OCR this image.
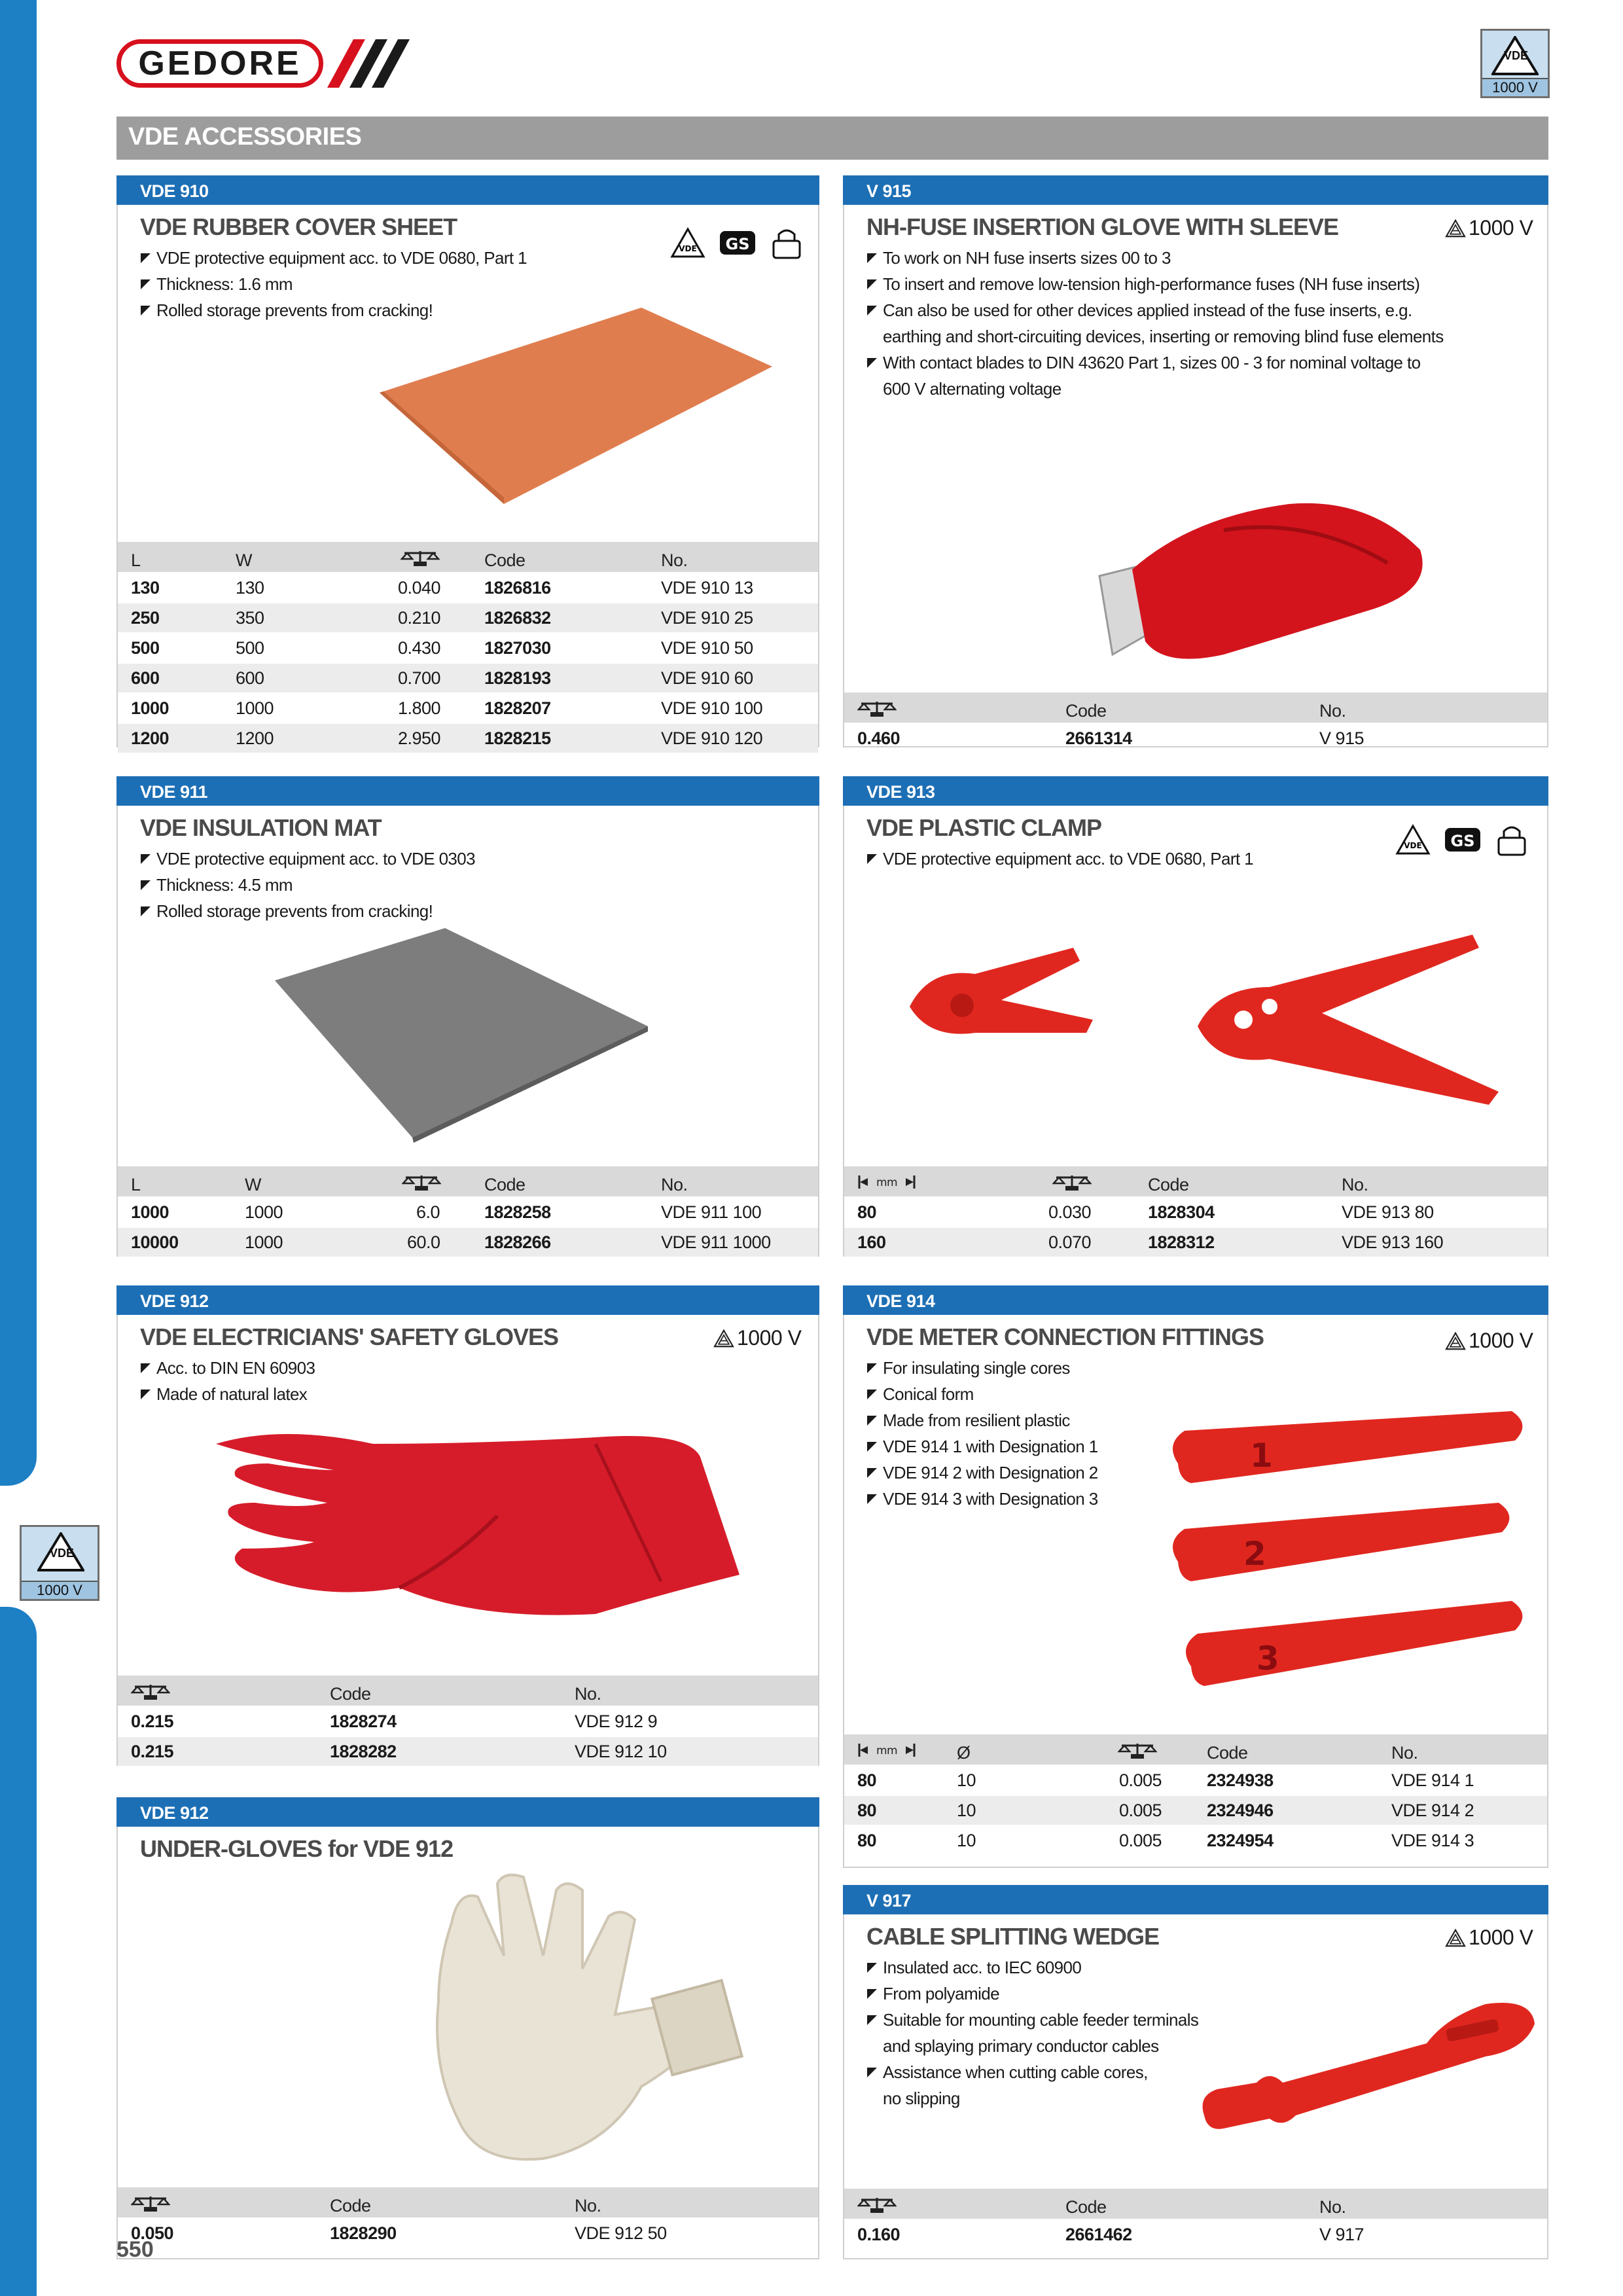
GEDORE	VDE
1000 V
VDE
1000 V
VDE ACCESSORIES
VDE 910
VDE RUBBER COVER SHEET
VDE protective equipment acc. to VDE 0680, Part 1
Thickness: 1.6 mm
Rolled storage prevents from cracking!
VDE GS
L	W	Code	No.
130	130	0.040 1826816	VDE 910 13
250	350	0.210 1826832	VDE 910 25
500	500	0.430 1827030	VDE 910 50
600	600	0.700 1828193	VDE 910 60
1000	1000	1.800 1828207	VDE 910 100
1200	1200	2.950 1828215	VDE 910 120
V 915
NH-FUSE INSERTION GLOVE WITH SLEEVE	1000 V
To work on NH fuse inserts sizes 00 to 3
To insert and remove low-tension high-performance fuses (NH fuse inserts)
Can also be used for other devices applied instead of the fuse inserts, e.g.
earthing and short-circuiting devices, inserting or removing blind fuse elements
With contact blades to DIN 43620 Part 1, sizes 00 - 3 for nominal voltage to
600 V alternating voltage
Code	No.
0.460	2661314	V 915
VDE 911
VDE INSULATION MAT
VDE protective equipment acc. to VDE 0303
Thickness: 4.5 mm
Rolled storage prevents from cracking!
L	W	Code	No.
1000	1000	6.0	1828258	VDE 911 100
10000	1000	60.0 1828266	VDE 911 1000
VDE 913
VDE PLASTIC CLAMP
VDE protective equipment acc. to VDE 0680, Part 1
VDE GS
Code	No.
80	0.030	1828304	VDE 913 80
160	0.070	1828312	VDE 913 160
VDE 912
VDE ELECTRICIANS' SAFETY GLOVES	1000 V
Acc. to DIN EN 60903
Made of natural latex
Code	No.
0.215	1828274	VDE 912 9
0.215	1828282	VDE 912 10
VDE 914
VDE METER CONNECTION FITTINGS	1000 V
For insulating single cores
Conical form
Made from resilient plastic
VDE 914 1 with Designation 1
VDE 914 2 with Designation 2
VDE 914 3 with Designation 3
1
2
3
Ø	Code	No.
80	10	0.005	2324938	VDE 914 1
80	10	0.005	2324946	VDE 914 2
80	10	0.005	2324954	VDE 914 3
VDE 912
UNDER-GLOVES for VDE 912
Code	No.
0.050	1828290	VDE 912 50
V 917
CABLE SPLITTING WEDGE	1000 V
Insulated acc. to IEC 60900
From polyamide
Suitable for mounting cable feeder terminals
and splaying primary conductor cables
Assistance when cutting cable cores,
no slipping
Code	No.
0.160	2661462	V 917
550
